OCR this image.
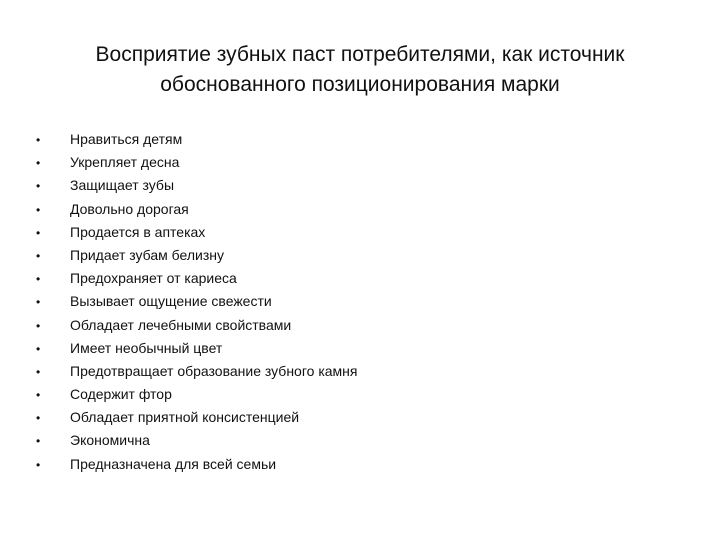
Восприятие зубных паст потребителями, как источник
обоснованного позиционирования марки
• Нравиться детям
• Укрепляет десна
• Защищает зубы
• Довольно дорогая
• Продается в аптеках
• Придает зубам белизну
• Предохраняет от кариеса
• Вызывает ощущение свежести
• Обладает лечебными свойствами
• Имеет необычный цвет
• Предотвращает образование зубного камня
• Содержит фтор
• Обладает приятной консистенцией
• Экономична
• Предназначена для всей семьи
